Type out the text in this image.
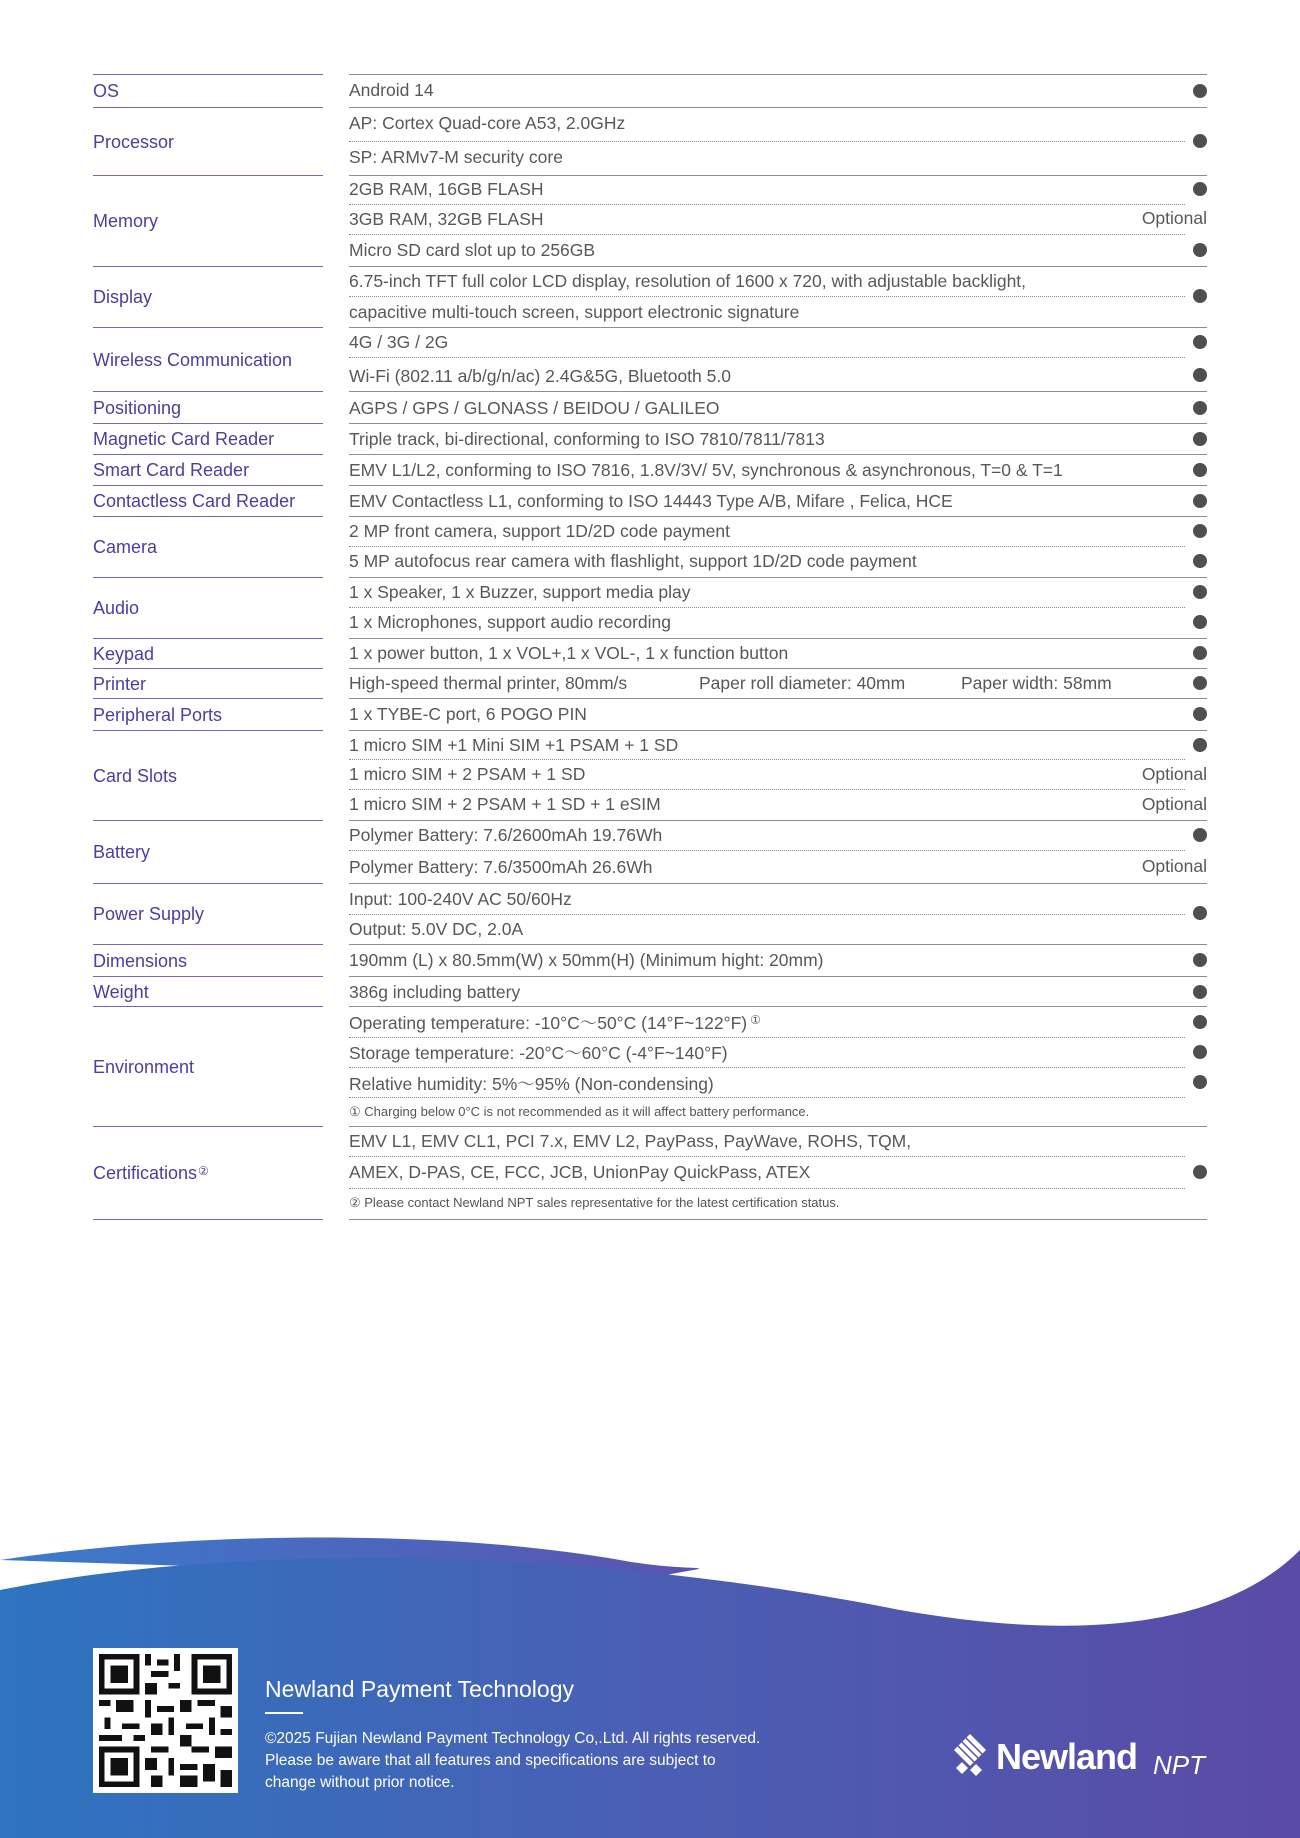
OS
Processor
Memory
Display
Wireless Communication
Positioning
Magnetic Card Reader
Smart Card Reader
Contactless Card Reader
Camera
Audio
Keypad
Printer
Peripheral Ports
Card Slots
Battery
Power Supply
Dimensions
Weight
Environment
Certifications②
Android 14
AP: Cortex Quad-core A53, 2.0GHz
SP: ARMv7-M security core
2GB RAM, 16GB FLASH
3GB RAM, 32GB FLASH
Micro SD card slot up to 256GB
6.75-inch TFT full color LCD display, resolution of 1600 x 720, with adjustable backlight,
capacitive multi-touch screen, support electronic signature
4G / 3G / 2G
Wi-Fi (802.11 a/b/g/n/ac) 2.4G&5G, Bluetooth 5.0
AGPS / GPS / GLONASS / BEIDOU / GALILEO
Triple track, bi-directional, conforming to ISO 7810/7811/7813
EMV L1/L2, conforming to ISO 7816, 1.8V/3V/ 5V, synchronous & asynchronous, T=0 & T=1
EMV Contactless L1, conforming to ISO 14443 Type A/B, Mifare , Felica, HCE
2 MP front camera, support 1D/2D code payment
5 MP autofocus rear camera with flashlight, support 1D/2D code payment
1 x Speaker, 1 x Buzzer, support media play
1 x Microphones, support audio recording
1 x power button, 1 x VOL+,1 x VOL-, 1 x function button
High-speed thermal printer, 80mm/s	Paper roll diameter: 40mm	Paper width: 58mm
1 x TYBE-C port, 6 POGO PIN
1 micro SIM +1 Mini SIM +1 PSAM + 1 SD
1 micro SIM + 2 PSAM + 1 SD
1 micro SIM + 2 PSAM + 1 SD + 1 eSIM
Polymer Battery: 7.6/2600mAh 19.76Wh
Polymer Battery: 7.6/3500mAh 26.6Wh
Input: 100-240V AC 50/60Hz
Output: 5.0V DC, 2.0A
190mm (L) x 80.5mm(W) x 50mm(H) (Minimum hight: 20mm)
386g including battery
Operating temperature: -10°C～50°C (14°F~122°F) ①
Storage temperature: -20°C～60°C (-4°F~140°F)
Relative humidity: 5%～95% (Non-condensing)
① Charging below 0°C is not recommended as it will affect battery performance.
EMV L1, EMV CL1, PCI 7.x, EMV L2, PayPass, PayWave, ROHS, TQM,
AMEX, D-PAS, CE, FCC, JCB, UnionPay QuickPass, ATEX
② Please contact Newland NPT sales representative for the latest certification status.
Optional
Optional
Optional
Optional
Newland Payment Technology
©2025 Fujian Newland Payment Technology Co,.Ltd. All rights reserved.
Please be aware that all features and specifications are subject to
change without prior notice.
Newland NPT
